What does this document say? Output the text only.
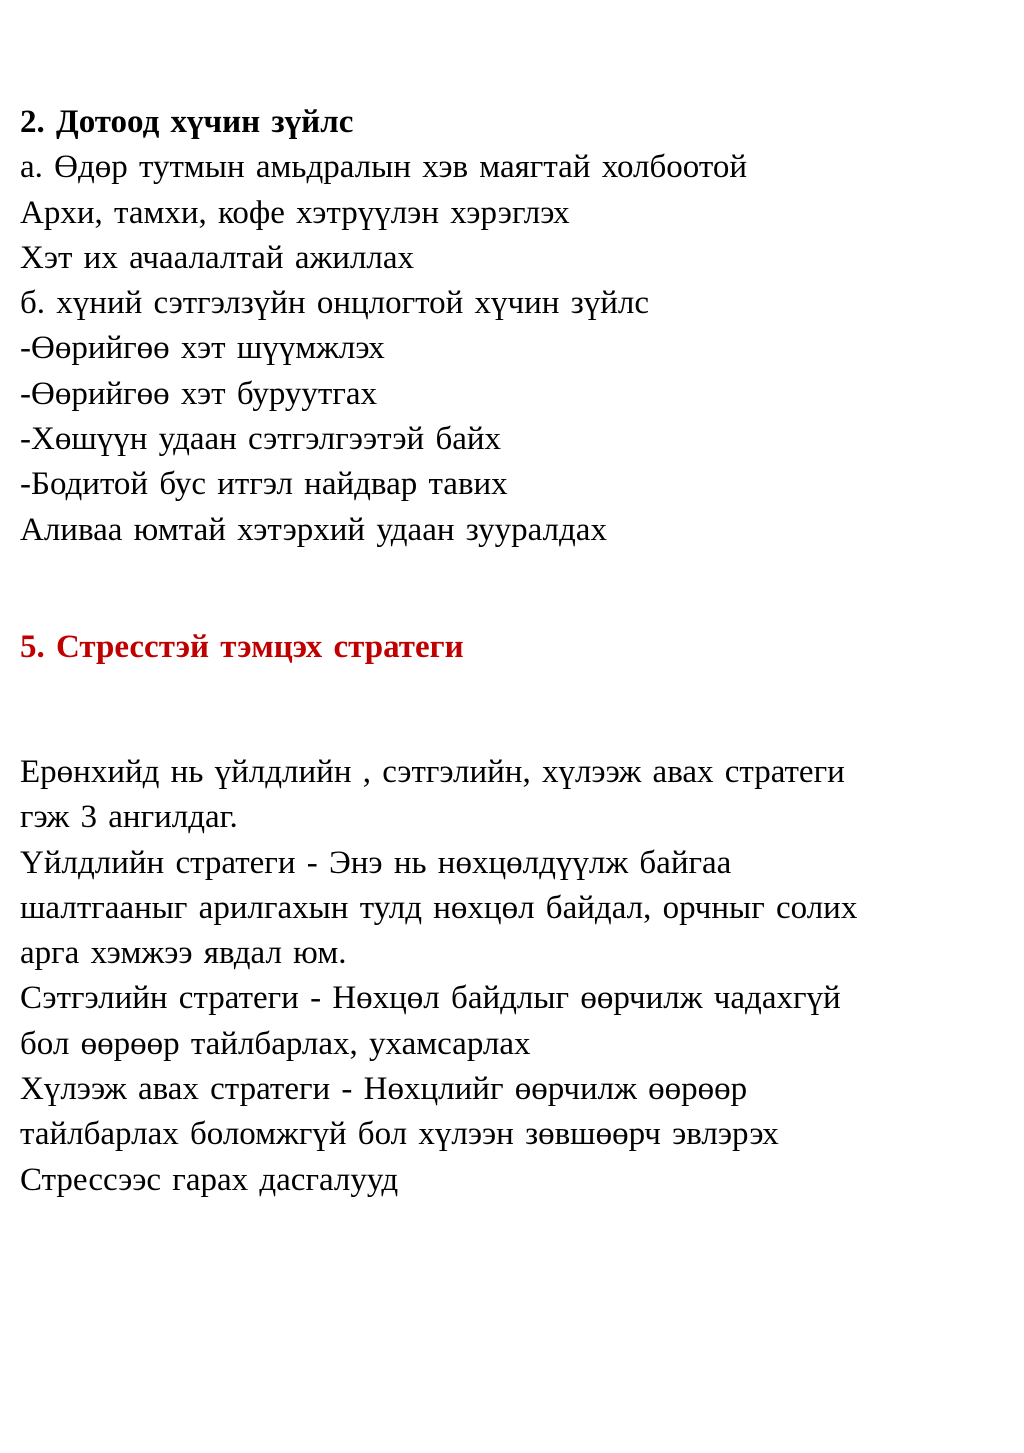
2. Дотоод хүчин зүйлс
а. Өдөр тутмын амьдралын хэв маягтай холбоотой
Архи, тамхи, кофе хэтрүүлэн хэрэглэх
Хэт их ачаалалтай ажиллах
б. хүний сэтгэлзүйн онцлогтой хүчин зүйлс
-Өөрийгөө хэт шүүмжлэх
-Өөрийгөө хэт буруутгах
-Хөшүүн удаан сэтгэлгээтэй байх
-Бодитой бус итгэл найдвар тавих
Аливаа юмтай хэтэрхий удаан зууралдах
5. Стресстэй тэмцэх стратеги
Ерөнхийд нь үйлдлийн , сэтгэлийн, хүлээж авах стратеги
гэж 3 ангилдаг.
Үйлдлийн стратеги - Энэ нь нөхцөлдүүлж байгаа
шалтгааныг арилгахын тулд нөхцөл байдал, орчныг солих
арга хэмжээ явдал юм.
Сэтгэлийн стратеги - Нөхцөл байдлыг өөрчилж чадахгүй
бол өөрөөр тайлбарлах, ухамсарлах
Хүлээж авах стратеги - Нөхцлийг өөрчилж өөрөөр
тайлбарлах боломжгүй бол хүлээн зөвшөөрч эвлэрэх
Стрессээс гарах дасгалууд
